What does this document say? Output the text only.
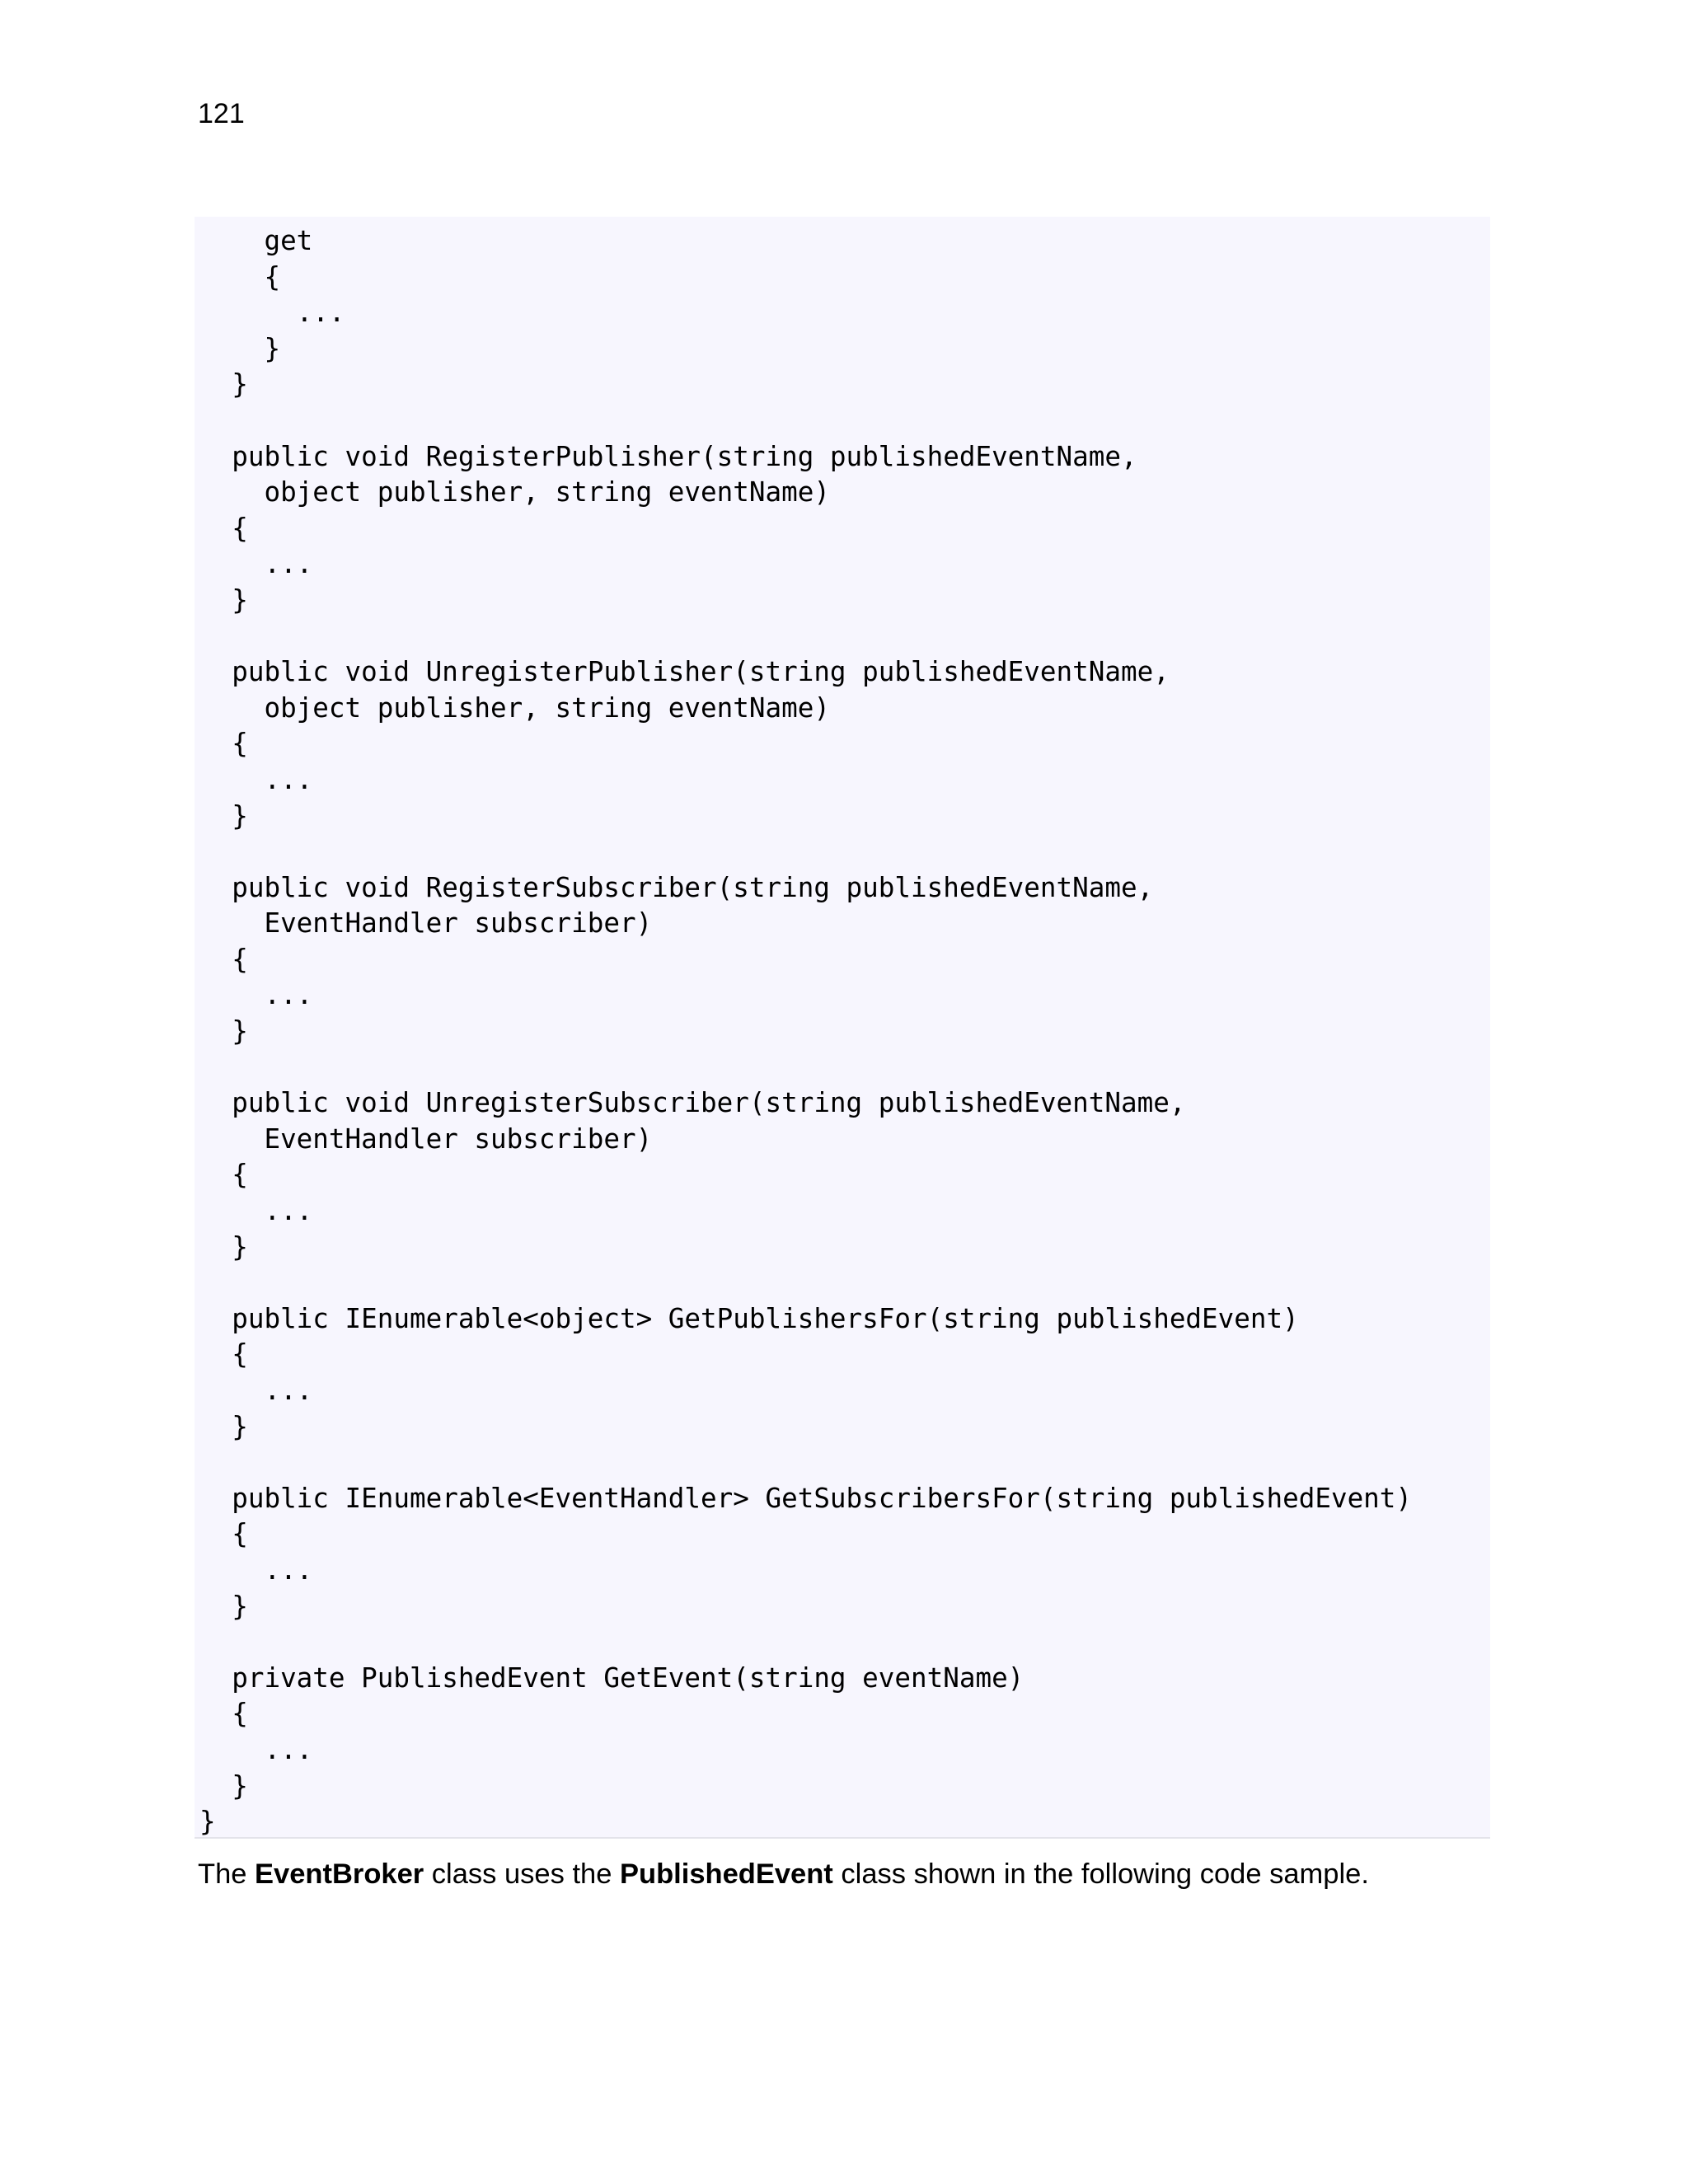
121
get
{
...
}
}
public void RegisterPublisher(string publishedEventName,
object publisher, string eventName)
{
...
}
public void UnregisterPublisher(string publishedEventName,
object publisher, string eventName)
{
...
}
public void RegisterSubscriber(string publishedEventName,
EventHandler subscriber)
{
...
}
public void UnregisterSubscriber(string publishedEventName,
EventHandler subscriber)
{
...
}
public IEnumerable<object> GetPublishersFor(string publishedEvent)
{
...
}
public IEnumerable<EventHandler> GetSubscribersFor(string publishedEvent)
{
...
}
private PublishedEvent GetEvent(string eventName)
{
...
}
}

The EventBroker class uses the PublishedEvent class shown in the following code sample.
